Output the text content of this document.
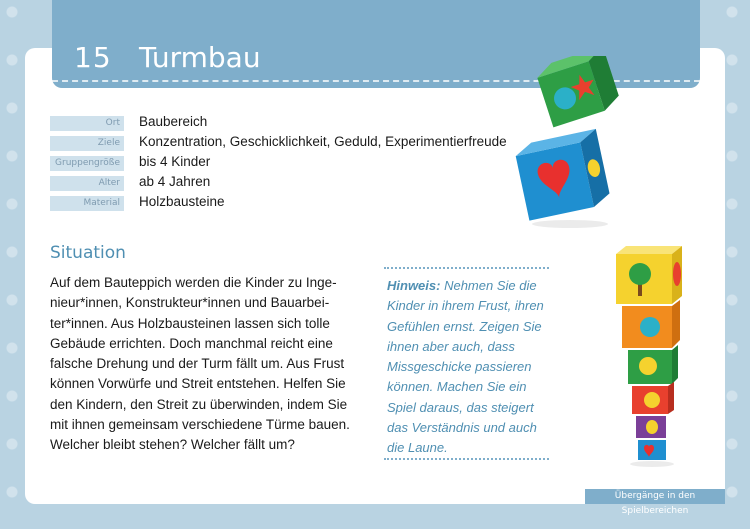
15 Turmbau
Ort Baubereich
Ziele Konzentration, Geschicklichkeit, Geduld, Experimentierfreude
Gruppengröße bis 4 Kinder
Alter ab 4 Jahren
Material Holzbausteine
Situation
Auf dem Bauteppich werden die Kinder zu Inge-
nieur*innen, Konstrukteur*innen und Bauarbei-
ter*innen. Aus Holzbausteinen lassen sich tolle
Gebäude errichten. Doch manchmal reicht eine
falsche Drehung und der Turm fällt um. Aus Frust
können Vorwürfe und Streit entstehen. Helfen Sie
den Kindern, den Streit zu überwinden, indem Sie
mit ihnen gemeinsam verschiedene Türme bauen.
Welcher bleibt stehen? Welcher fällt um?
Hinweis: Nehmen Sie die
Kinder in ihrem Frust, ihren
Gefühlen ernst. Zeigen Sie
ihnen aber auch, dass
Missgeschicke passieren
können. Machen Sie ein
Spiel daraus, das steigert
das Verständnis und auch
die Laune.
Übergänge in den Spielbereichen
